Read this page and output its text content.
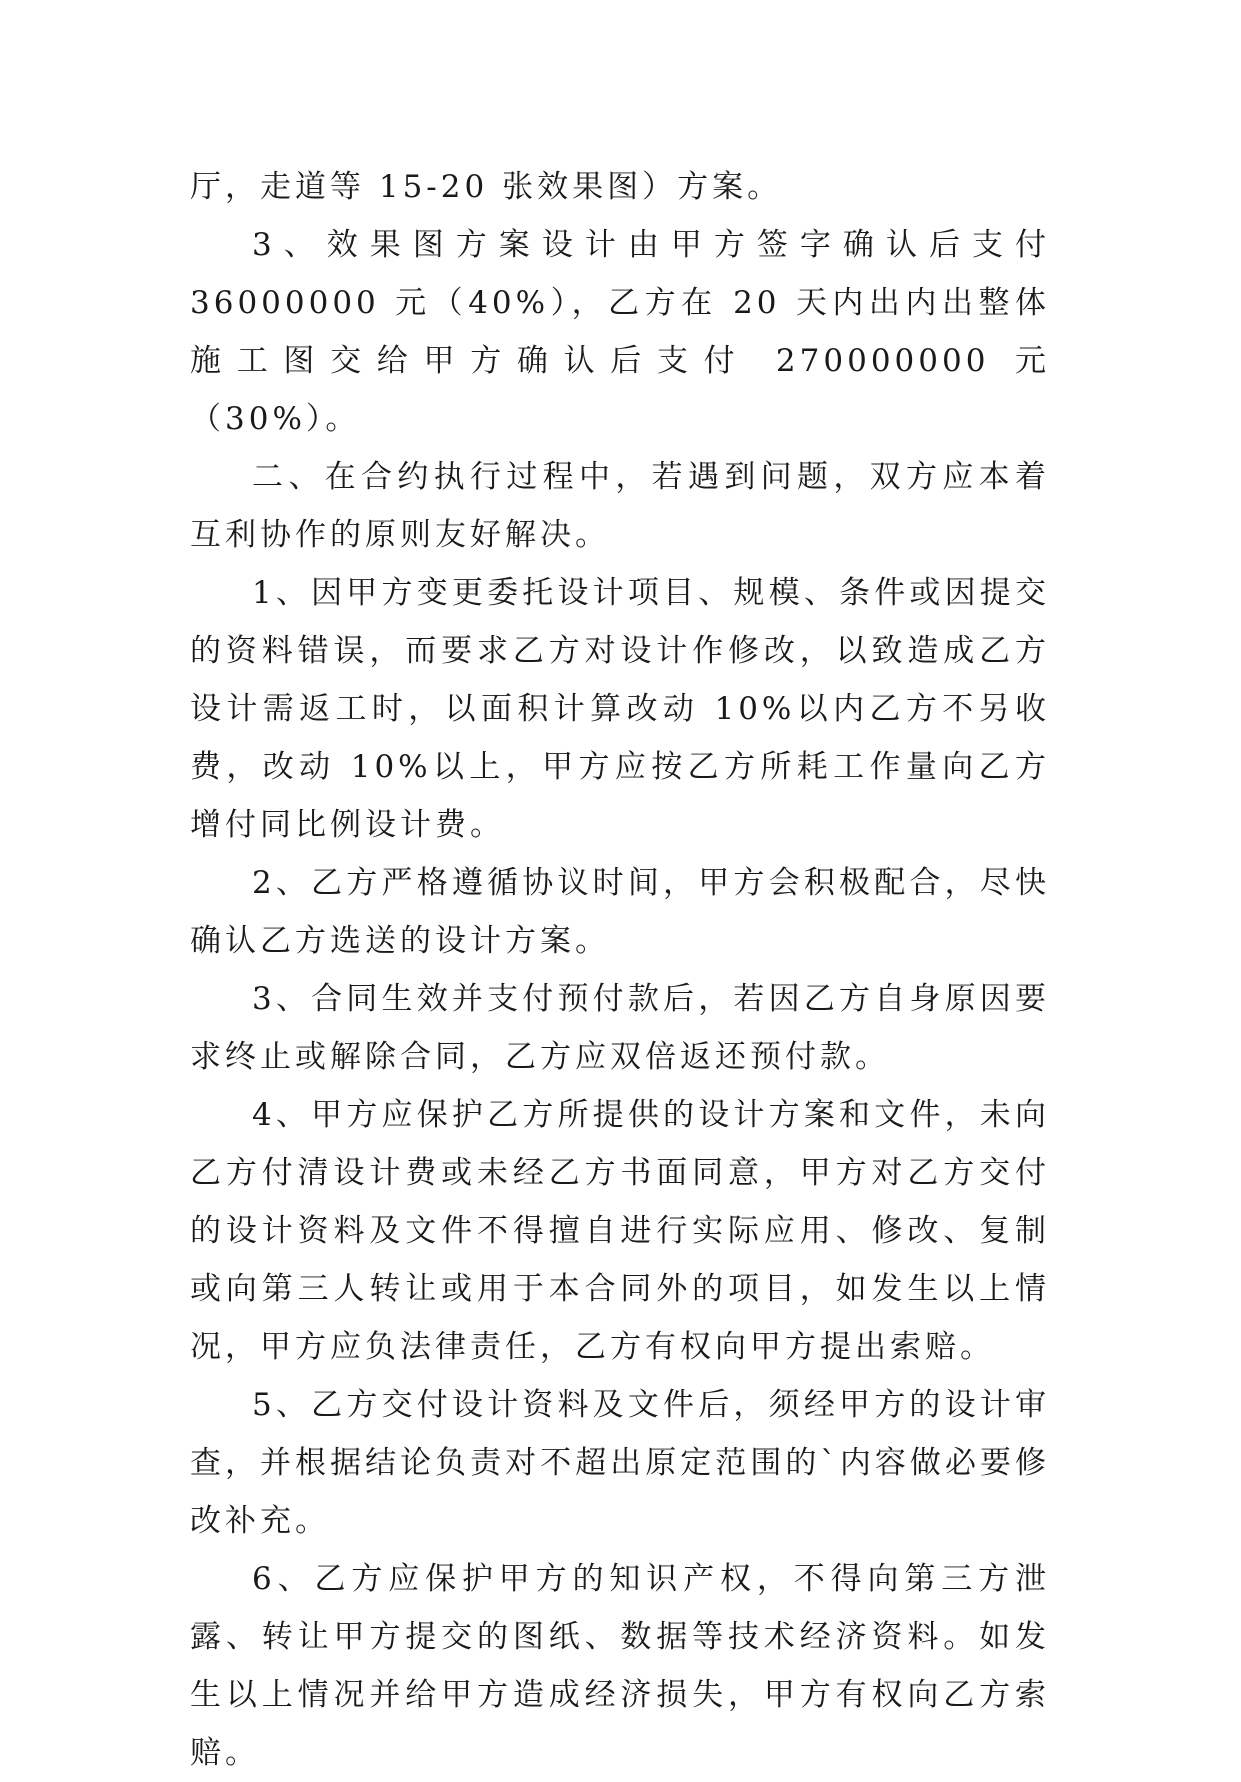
厅，走道等 15-20 张效果图）方案。

3、效果图方案设计由甲方签字确认后支付 36000000 元（40%），乙方在 20 天内出内出整体施工图交给甲方确认后支付 270000000 元（30%）。

二、在合约执行过程中，若遇到问题，双方应本着互利协作的原则友好解决。

1、因甲方变更委托设计项目、规模、条件或因提交的资料错误，而要求乙方对设计作修改，以致造成乙方设计需返工时，以面积计算改动 10%以内乙方不另收费，改动 10%以上，甲方应按乙方所耗工作量向乙方增付同比例设计费。

2、乙方严格遵循协议时间，甲方会积极配合，尽快确认乙方选送的设计方案。

3、合同生效并支付预付款后，若因乙方自身原因要求终止或解除合同，乙方应双倍返还预付款。

4、甲方应保护乙方所提供的设计方案和文件，未向乙方付清设计费或未经乙方书面同意，甲方对乙方交付的设计资料及文件不得擅自进行实际应用、修改、复制或向第三人转让或用于本合同外的项目，如发生以上情况，甲方应负法律责任，乙方有权向甲方提出索赔。

5、乙方交付设计资料及文件后，须经甲方的设计审查，并根据结论负责对不超出原定范围的`内容做必要修改补充。

6、乙方应保护甲方的知识产权，不得向第三方泄露、转让甲方提交的图纸、数据等技术经济资料。如发生以上情况并给甲方造成经济损失，甲方有权向乙方索赔。
